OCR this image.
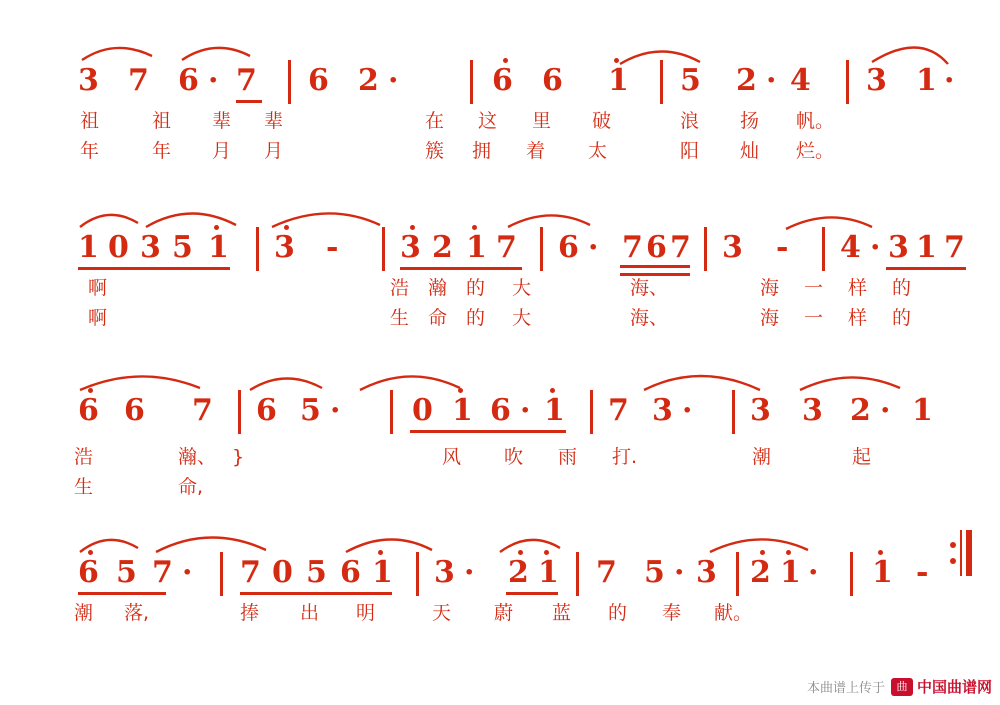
3 7 6 · 7 6 2 ·	6 6 1 5 2 · 4 3 1 ·
祖	祖 辈 辈	在 这 里 破	浪 扬 帆。
年	年 月 月	簇 拥 着 太	阳 灿 烂。
1 0 3 5 1 3 - 3 2 1 7 6 · 7 6 7 3 - 4 · 3 1 7
啊	浩 瀚 的 大	海、	海 一 样 的
啊	生 命 的 大	海、	海 一 样 的
6 6 7 6 5 · 0 1 6 · 1 7 3 · 3 3 2 · 1
浩	瀚、 }	风 吹 雨 打.	潮	起
生	命,
6 5 7 · 7 0 5 6 1 3 · 2 1 7 5 · 3 2 1 · 1 -
潮 落,	捧 出 明	天 蔚 蓝 的 奉 献。
本曲谱上传于	曲 中国曲谱网
